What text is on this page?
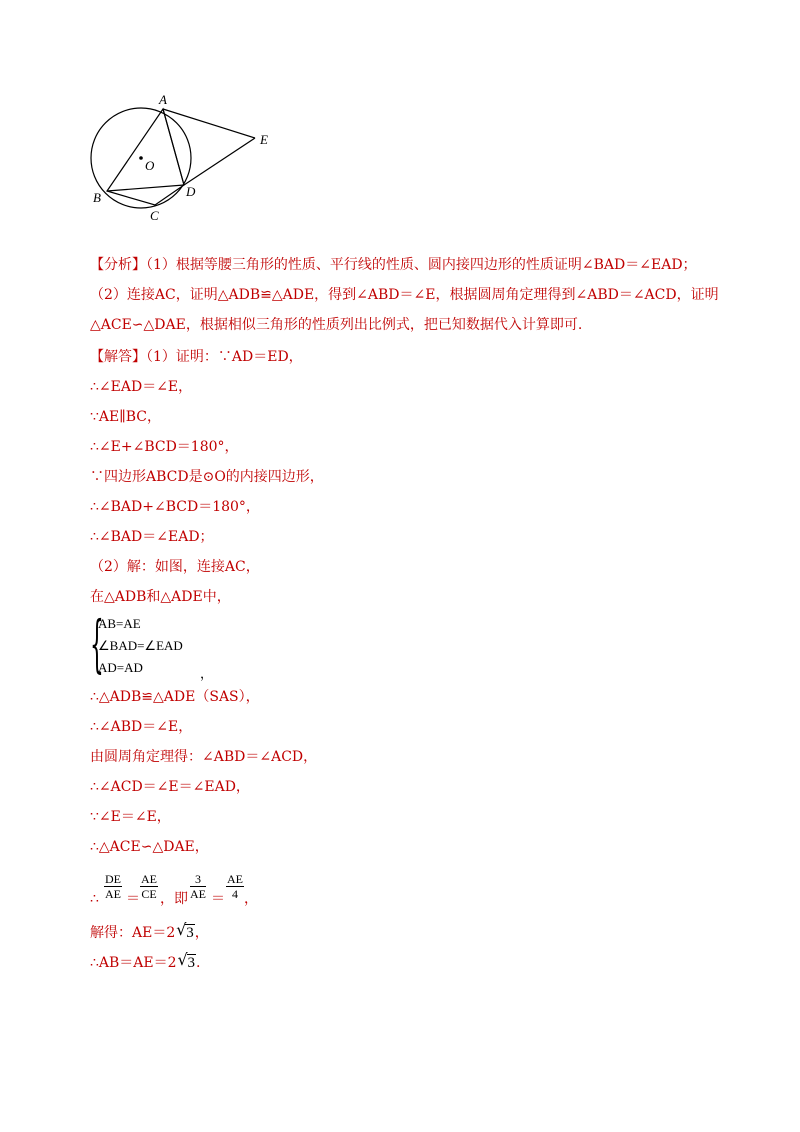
A
E
O
B
C
D
【分析】（1）根据等腰三角形的性质、平行线的性质、圆内接四边形的性质证明∠BAD＝∠EAD；
（2）连接AC，证明△ADB≌△ADE，得到∠ABD＝∠E，根据圆周角定理得到∠ABD＝∠ACD，证明
△ACE∽△DAE，根据相似三角形的性质列出比例式，把已知数据代入计算即可.
【解答】（1）证明：∵AD＝ED，
∴∠EAD＝∠E，
∵AE∥BC，
∴∠E+∠BCD＝180°，
∵四边形ABCD是⊙O的内接四边形，
∴∠BAD+∠BCD＝180°，
∴∠BAD＝∠EAD；
（2）解：如图，连接AC，
在△ADB和△ADE中，
{
AB=AE
∠BAD=∠EAD
AD=AD	，
∴△ADB≌△ADE（SAS），
∴∠ABD＝∠E，
由圆周角定理得：∠ABD＝∠ACD，
∴∠ACD＝∠E＝∠EAD，
∵∠E＝∠E，
∴△ACE∽△DAE，
∴ $\frac{DE}{AE} = \frac{AE}{CE}$ ，即 $\frac{3}{AE} = \frac{AE}{4}$ ，
解得：AE＝2 √ 3，
∴AB＝AE＝2 √ 3.
